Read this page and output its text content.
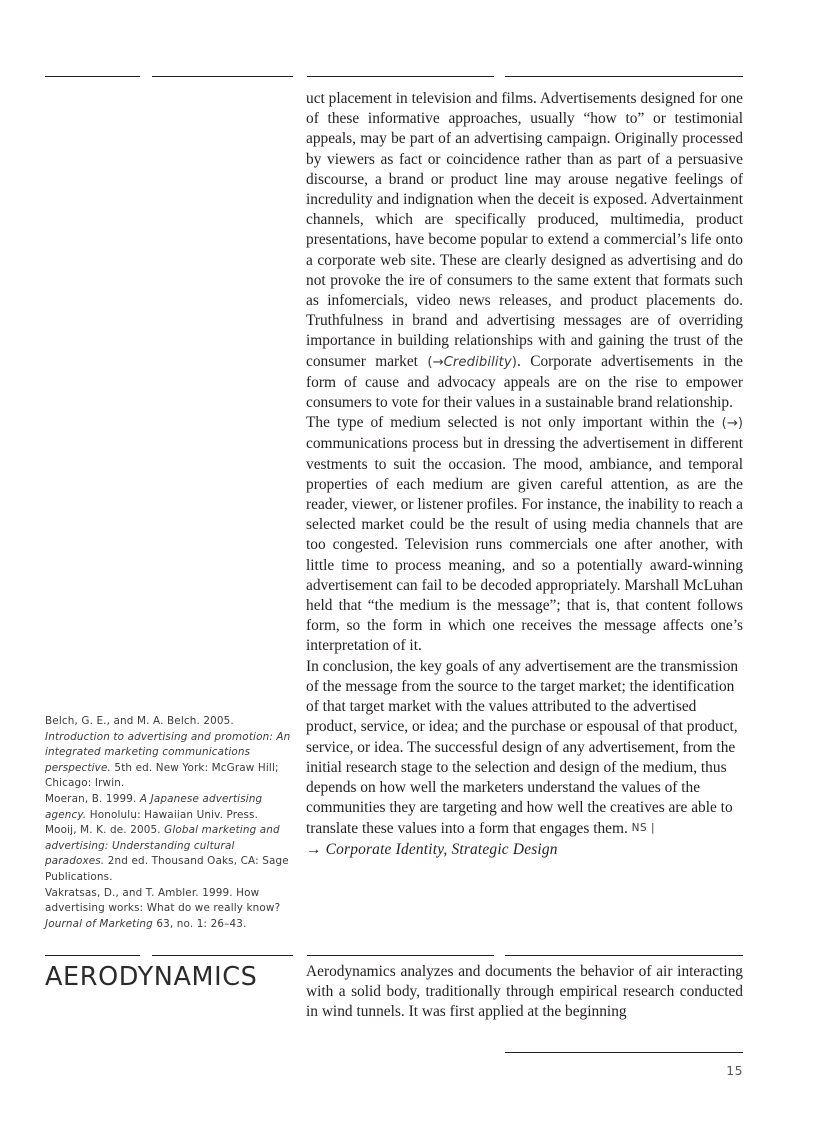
Belch, G. E., and M. A. Belch. 2005. Introduction to advertising and promotion: An integrated marketing communications perspective. 5th ed. New York: McGraw Hill; Chicago: Irwin.

Moeran, B. 1999. A Japanese advertising agency. Honolulu: Hawaiian Univ. Press.

Mooij, M. K. de. 2005. Global marketing and advertising: Understanding cultural paradoxes. 2nd ed. Thousand Oaks, CA: Sage Publications.

Vakratsas, D., and T. Ambler. 1999. How advertising works: What do we really know? Journal of Marketing 63, no. 1: 26–43.

uct placement in television and films. Advertisements designed for one of these informative approaches, usually “how to” or testimonial appeals, may be part of an advertising campaign. Originally processed by viewers as fact or coincidence rather than as part of a persuasive discourse, a brand or product line may arouse negative feelings of incredulity and indignation when the deceit is exposed. Advertainment channels, which are specifically produced, multimedia, product presentations, have become popular to extend a commercial’s life onto a corporate web site. These are clearly designed as advertising and do not provoke the ire of consumers to the same extent that formats such as infomercials, video news releases, and product placements do. Truthfulness in brand and advertising messages are of overriding importance in building relationships with and gaining the trust of the consumer market (→Credibility). Corporate advertisements in the form of cause and advocacy appeals are on the rise to empower consumers to vote for their values in a sustainable brand relationship.

The type of medium selected is not only important within the (→) communications process but in dressing the advertisement in different vestments to suit the occasion. The mood, ambiance, and temporal properties of each medium are given careful attention, as are the reader, viewer, or listener profiles. For instance, the inability to reach a selected market could be the result of using media channels that are too congested. Television runs commercials one after another, with little time to process meaning, and so a potentially award-winning advertisement can fail to be decoded appropriately. Marshall McLuhan held that “the medium is the message”; that is, that content follows form, so the form in which one receives the message affects one’s interpretation of it.

In conclusion, the key goals of any advertisement are the transmission of the message from the source to the target market; the identification of that target market with the values attributed to the advertised product, service, or idea; and the purchase or espousal of that product, service, or idea. The successful design of any advertisement, from the initial research stage to the selection and design of the medium, thus depends on how well the marketers understand the values of the communities they are targeting and how well the creatives are able to translate these values into a form that engages them. NS |

→ Corporate Identity, Strategic Design

AERODYNAMICS	Aerodynamics analyzes and documents the behavior of air interacting with a solid body, traditionally through empirical research conducted in wind tunnels. It was first applied at the beginning

15
